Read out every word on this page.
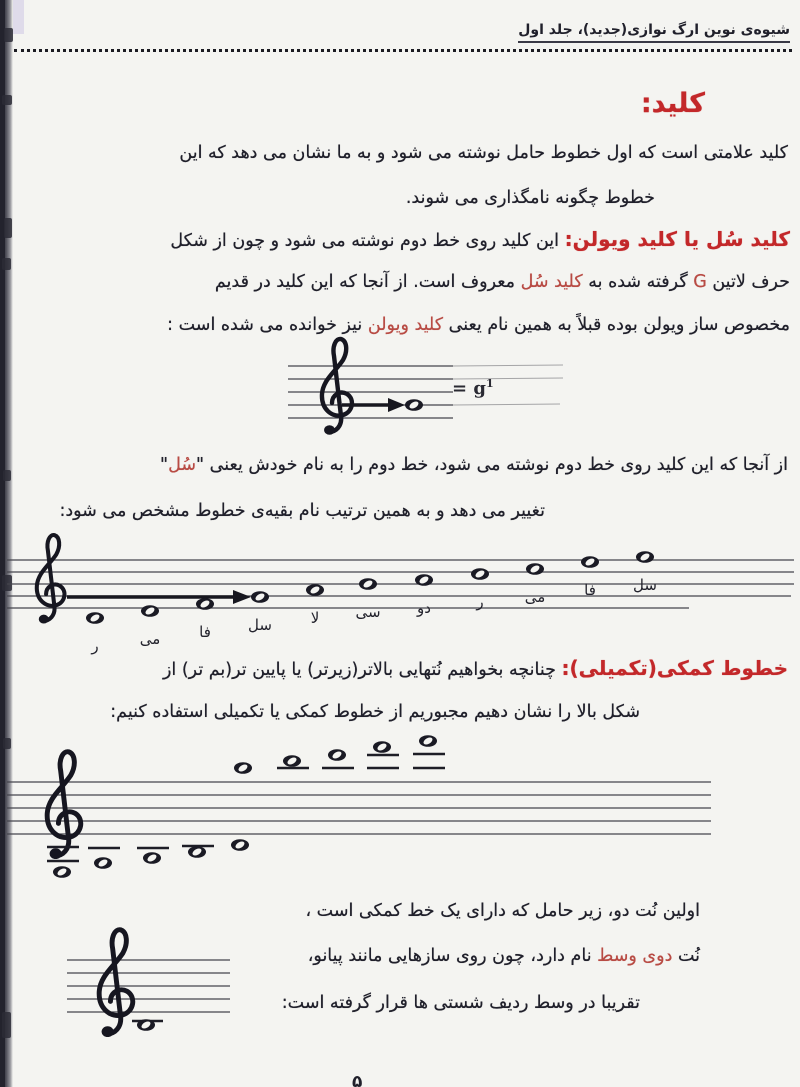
شیوه‌ی نوین ارگ نوازی(جدید)، جلد اول
کلید:
کلید علامتی است که اول خطوط حامل نوشته می شود و به ما نشان می دهد که این
خطوط چگونه نامگذاری می شوند.
کلید سُل یا کلید ویولن: این کلید روی خط دوم نوشته می شود و چون از شکل
حرف لاتین G گرفته شده به کلید سُل معروف است. از آنجا که این کلید در قدیم
مخصوص ساز ویولن بوده قبلاً به همین نام یعنی کلید ویولن نیز خوانده می شده است :
= $g^1$
از آنجا که این کلید روی خط دوم نوشته می شود، خط دوم را به نام خودش یعنی "سُل"
تغییر می دهد و به همین ترتیب نام بقیه‌ی خطوط مشخص می شود:
ر	می	فا سل	لا سی دو	ر	می	فا سل
خطوط کمکی(تکمیلی): چنانچه بخواهیم نُتهایی بالاتر(زیرتر) یا پایین تر(بم تر) از
شکل بالا را نشان دهیم مجبوریم از خطوط کمکی یا تکمیلی استفاده کنیم:
اولین نُت دو، زیر حامل که دارای یک خط کمکی است ،
نُت دوی وسط نام دارد، چون روی سازهایی مانند پیانو،
تقریبا در وسط ردیف شستی ها قرار گرفته است:
۵
